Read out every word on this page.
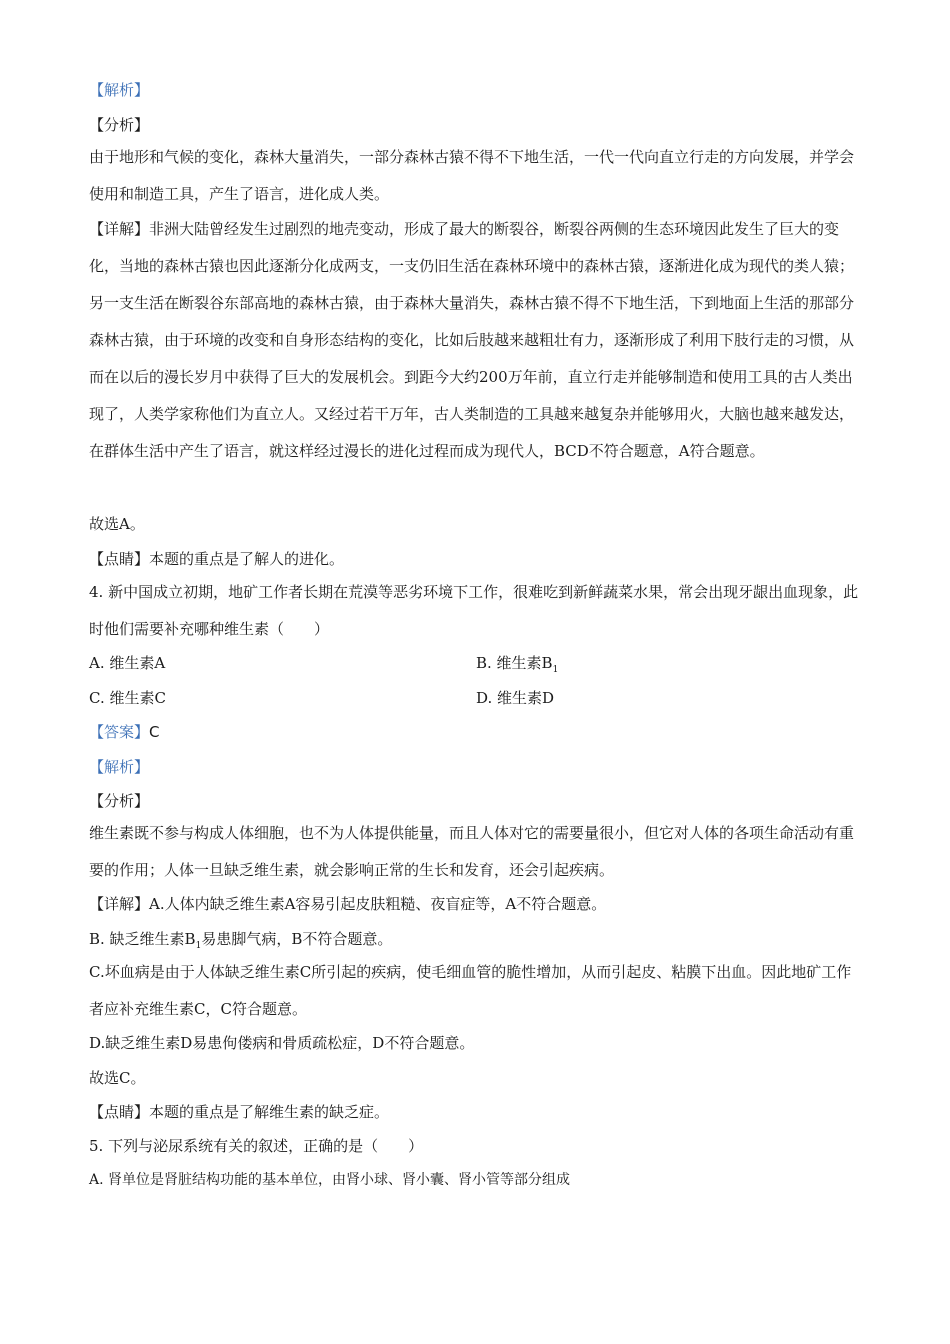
【解析】
【分析】
由于地形和气候的变化，森林大量消失，一部分森林古猿不得不下地生活，一代一代向直立行走的方向发展，并学会使用和制造工具，产生了语言，进化成人类。
【详解】非洲大陆曾经发生过剧烈的地壳变动，形成了最大的断裂谷，断裂谷两侧的生态环境因此发生了巨大的变化，当地的森林古猿也因此逐渐分化成两支，一支仍旧生活在森林环境中的森林古猿，逐渐进化成为现代的类人猿；另一支生活在断裂谷东部高地的森林古猿，由于森林大量消失，森林古猿不得不下地生活，下到地面上生活的那部分森林古猿，由于环境的改变和自身形态结构的变化，比如后肢越来越粗壮有力，逐渐形成了利用下肢行走的习惯，从而在以后的漫长岁月中获得了巨大的发展机会。到距今大约200万年前，直立行走并能够制造和使用工具的古人类出现了，人类学家称他们为直立人。又经过若干万年，古人类制造的工具越来越复杂并能够用火，大脑也越来越发达，在群体生活中产生了语言，就这样经过漫长的进化过程而成为现代人，BCD不符合题意，A符合题意。
故选A。
【点睛】本题的重点是了解人的进化。
4. 新中国成立初期，地矿工作者长期在荒漠等恶劣环境下工作，很难吃到新鲜蔬菜水果，常会出现牙龈出血现象，此时他们需要补充哪种维生素（　　）
A. 维生素A	B. 维生素$B_1$
C. 维生素C	D. 维生素D
【答案】C
【解析】
【分析】
维生素既不参与构成人体细胞，也不为人体提供能量，而且人体对它的需要量很小，但它对人体的各项生命活动有重要的作用；人体一旦缺乏维生素，就会影响正常的生长和发育，还会引起疾病。
【详解】A.人体内缺乏维生素A容易引起皮肤粗糙、夜盲症等，A不符合题意。
B. 缺乏维生素$B_1$易患脚气病，B不符合题意。
C.坏血病是由于人体缺乏维生素C所引起的疾病，使毛细血管的脆性增加，从而引起皮、粘膜下出血。因此地矿工作者应补充维生素C，C符合题意。
D.缺乏维生素D易患佝偻病和骨质疏松症，D不符合题意。
故选C。
【点睛】本题的重点是了解维生素的缺乏症。
5. 下列与泌尿系统有关的叙述，正确的是（　　）
A. 肾单位是肾脏结构功能的基本单位，由肾小球、肾小囊、肾小管等部分组成
